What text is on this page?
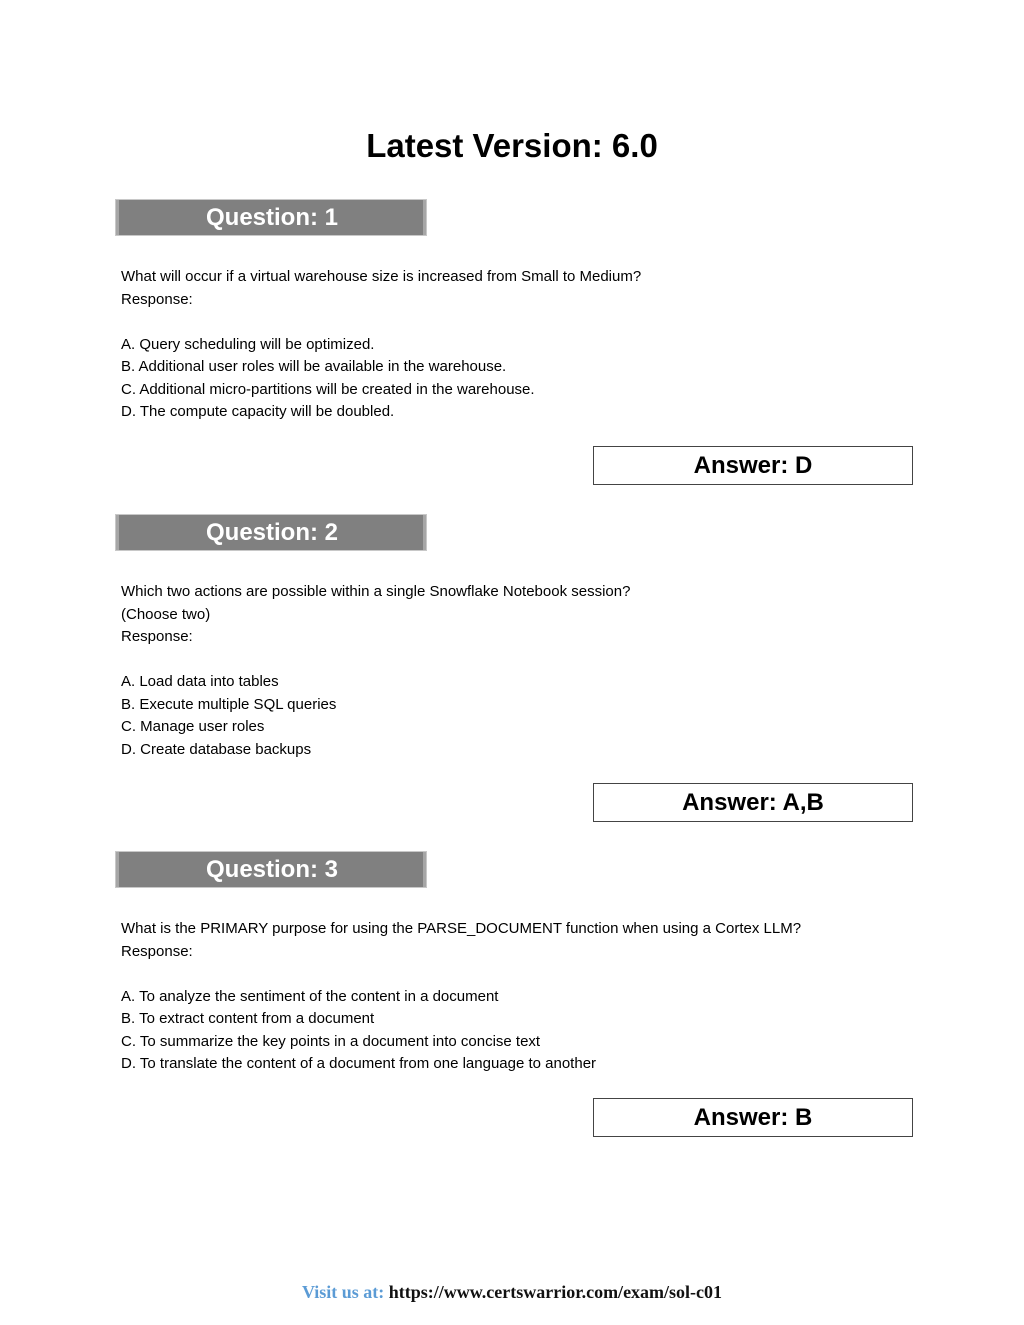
Latest Version: 6.0
Question: 1
What will occur if a virtual warehouse size is increased from Small to Medium?
Response:
A. Query scheduling will be optimized.
B. Additional user roles will be available in the warehouse.
C. Additional micro-partitions will be created in the warehouse.
D. The compute capacity will be doubled.
Answer: D
Question: 2
Which two actions are possible within a single Snowflake Notebook session?
(Choose two)
Response:
A. Load data into tables
B. Execute multiple SQL queries
C. Manage user roles
D. Create database backups
Answer: A,B
Question: 3
What is the PRIMARY purpose for using the PARSE_DOCUMENT function when using a Cortex LLM?
Response:
A. To analyze the sentiment of the content in a document
B. To extract content from a document
C. To summarize the key points in a document into concise text
D. To translate the content of a document from one language to another
Answer: B
Visit us at: https://www.certswarrior.com/exam/sol-c01
